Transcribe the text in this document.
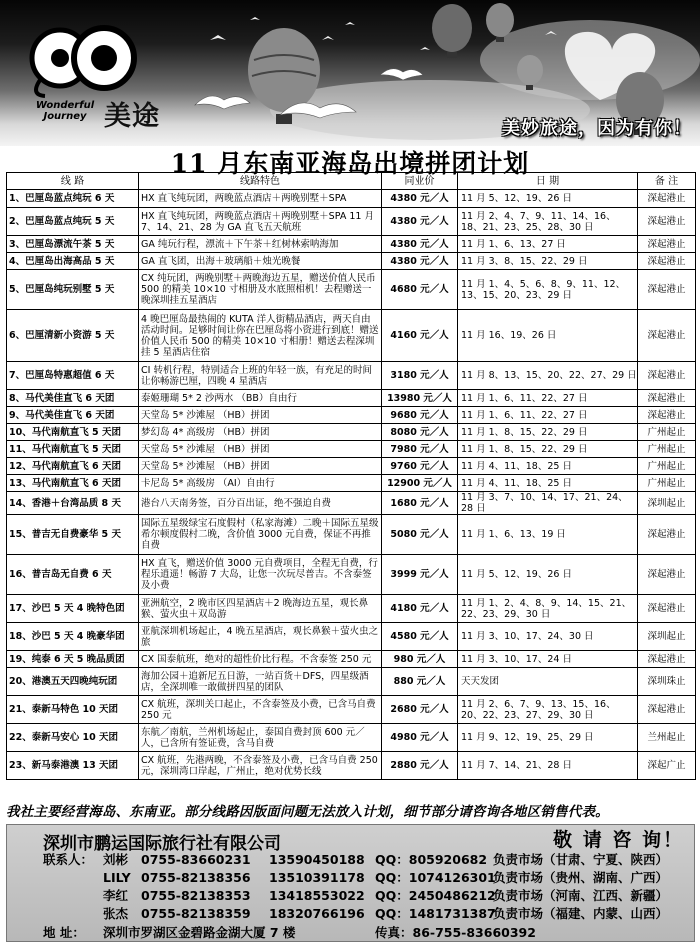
Wonderful
Journey 美途	美妙旅途，因为有你！
11 月东南亚海岛出境拼团计划
线 路	线路特色	同业价	日 期	备 注
1、巴厘岛蓝点纯玩 6 天	HX 直飞纯玩团，两晚蓝点酒店＋两晚别墅＋SPA	4380 元／人	11 月 5、12、19、26 日	深起港止
2、巴厘岛蓝点纯玩 5 天	HX 直飞纯玩团，两晚蓝点酒店＋两晚别墅＋SPA 11 月 7、14、21、28 为 GA 直飞五天航班	4380 元／人	11 月 2、4、7、9、11、14、16、18、21、23、25、28、30 日	深起港止
3、巴厘岛漂流午茶 5 天	GA 纯玩行程，漂流＋下午茶＋红树林索呐海加	4380 元／人	11 月 1、6、13、27 日	深起港止
4、巴厘岛出海高品 5 天	GA 直飞团，出海＋玻璃船＋烛光晚餐	4380 元／人	11 月 3、8、15、22、29 日	深起港止
5、巴厘岛纯玩别墅 5 天	CX 纯玩团，两晚别墅＋两晚海边五星，赠送价值人民币 500 的精美 10×10 寸相册及水底照相机！去程赠送一晚深圳挂五星酒店	4680 元／人	11 月 1、4、5、6、8、9、11、12、13、15、20、23、29 日	深起港止
6、巴厘清新小资游 5 天	4 晚巴厘岛最热闹的 KUTA 洋人街精品酒店，两天自由活动时间。足够时间让你在巴厘岛将小资进行到底！赠送价值人民币 500 的精美 10×10 寸相册！赠送去程深圳挂 5 星酒店住宿	4160 元／人	11 月 16、19、26 日	深起港止
7、巴厘岛特惠超值 6 天	CI 转机行程，特别适合上班的年轻一族，有充足的时间让你畅游巴厘，四晚 4 星酒店	3180 元／人	11 月 8、13、15、20、22、27、29 日	深起港止
8、马代美佳直飞 6 天团	泰姬珊瑚 5* 2 沙两水 （BB）自由行	13980 元／人	11 月 1、6、11、22、27 日	深起港止
9、马代美佳直飞 6 天团	天堂岛 5* 沙滩屋 （HB）拼团	9680 元／人	11 月 1、6、11、22、27 日	深起港止
10、马代南航直飞 5 天团	梦幻岛 4* 高级房 （HB）拼团	8080 元／人	11 月 1、8、15、22、29 日	广州起止
11、马代南航直飞 5 天团	天堂岛 5* 沙滩屋 （HB）拼团	7980 元／人	11 月 1、8、15、22、29 日	广州起止
12、马代南航直飞 6 天团	天堂岛 5* 沙滩屋 （HB）拼团	9760 元／人	11 月 4、11、18、25 日	广州起止
13、马代南航直飞 6 天团	卡尼岛 5* 高级房 （AI）自由行	12900 元／人	11 月 4、11、18、25 日	广州起止
14、香港＋台湾品质 8 天	港台八天南务签，百分百出证，绝不强迫自费	1680 元／人	11 月 3、7、10、14、17、21、24、28 日	深圳起止
15、普吉无自费豪华 5 天	国际五星级绿宝石度假村（私家海滩）二晚＋国际五星级希尔顿度假村二晚，含价值 3000 元自费，保证不再推自费	5080 元／人	11 月 1、6、13、19 日	深起港止
16、普吉岛无自费 6 天	HX 直飞，赠送价值 3000 元自费项目，全程无自费，行程乐逍遥！畅游 7 大岛，让您一次玩尽普吉。不含泰签及小费	3999 元／人	11 月 5、12、19、26 日	深起港止
17、沙巴 5 天 4 晚特色团	亚洲航空，2 晚市区四星酒店＋2 晚海边五星，观长鼻猴、萤火虫＋双岛游	4180 元／人	11 月 1、2、4、8、9、14、15、21、22、23、29、30 日	深起港止
18、沙巴 5 天 4 晚豪华团	亚航深圳机场起止，4 晚五星酒店，观长鼻猴＋萤火虫之旅	4580 元／人	11 月 3、10、17、24、30 日	深圳起止
19、纯泰 6 天 5 晚品质团	CX 国泰航班，绝对的超性价比行程。不含泰签 250 元	980 元／人	11 月 3、10、17、24 日	深起港止
20、港澳五天四晚纯玩团	海加公园＋追新尼五日游，一站百货＋DFS，四星级酒店，全深圳唯一敢做拼四星的团队	880 元／人	天天发团	深圳珠止
21、泰新马特色 10 天团	CX 航班，深圳关口起止，不含泰签及小费，已含马自费 250 元	2680 元／人	11 月 2、6、7、9、13、15、16、20、22、23、27、29、30 日	深起港止
22、泰新马安心 10 天团	东航／南航，兰州机场起止，泰国自费封顶 600 元／人，已含所有签证费，含马自费	4980 元／人	11 月 9、12、19、25、29 日	兰州起止
23、新马泰港澳 13 天团	CX 航班，先港两晚，不含泰签及小费，已含马自费 250 元，深圳湾口岸起，广州止，绝对优势长线	2880 元／人	11 月 7、14、21、28 日	深起广止
我社主要经营海岛、东南亚。部分线路因版面问题无法放入计划，细节部分请咨询各地区销售代表。
深圳市鹏运国际旅行社有限公司	敬 请 咨 询！
联系人： 刘彬 0755-83660231 13590450188 QQ：805920682 负责市场（甘肃、宁夏、陕西）
LILY 0755-82138356 13510391178 QQ：1074126301
负责市场（贵州、湖南、广西）
李红 0755-82138353 13418553022 QQ：2450486212
负责市场（河南、江西、新疆）
张杰 0755-82138359 18320766196 QQ：1481731387
负责市场（福建、内蒙、山西）
地 址： 深圳市罗湖区金碧路金湖大厦 7 楼	传真：86-755-83660392
